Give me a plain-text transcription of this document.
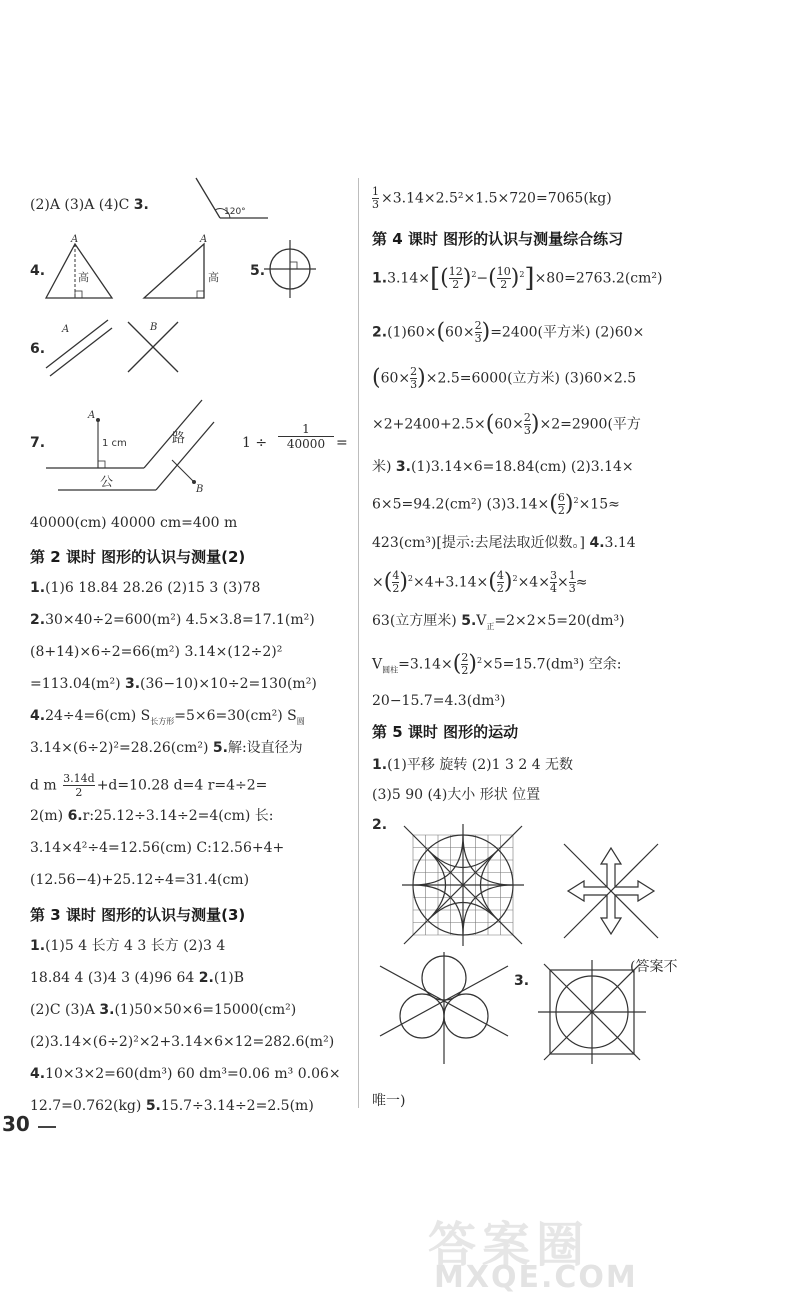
(2)A (3)A (4)C 3.	120°
4.
A
高
A
高 5.
6.
A	B
7.
A
1 cm	路
公	B
1 ÷
1
40000 =
40000(cm) 40000 cm=400 m
第 2 课时 图形的认识与测量(2)
1.(1)6 18.84 28.26 (2)15 3 (3)78
2.30×40÷2=600(m²) 4.5×3.8=17.1(m²)
(8+14)×6÷2=66(m²) 3.14×(12÷2)²
=113.04(m²) 3.(36−10)×10÷2=130(m²)
4.24÷4=6(cm) $S_{长方形}=5\times 6=30(cm^2)$ $S_圆$
3.14×(6÷2)²=28.26(cm²) 5.解:设直径为
d m $\frac{3.14d}{2} +d=10.28$ d=4 r=4÷2=
2(m) 6.r:25.12÷3.14÷2=4(cm) 长:
3.14×4²÷4=12.56(cm) C:12.56+4+
(12.56−4)+25.12÷4=31.4(cm)
第 3 课时 图形的认识与测量(3)
1.(1)5 4 长方 4 3 长方 (2)3 4
18.84 4 (3)4 3 (4)96 64 2.(1)B
(2)C (3)A 3.(1)50×50×6=15000(cm²)
(2)3.14×(6÷2)²×2+3.14×6×12=282.6(m²)
4.10×3×2=60(dm³) 60 dm³=0.06 m³ 0.06×
12.7=0.762(kg) 5.15.7÷3.14÷2=2.5(m)
$\frac{1}{3} \times 3.14\times 2.5^2\times 1.5\times 720=7065(kg)$
第 4 课时 图形的认识与测量综合练习
$1.3.14\times[( \frac{12}{2} )^2-( \frac{10}{2} )^2]\times 80=2763.2(cm^2)$
$2.(1)60\times(60\times \frac{2}{3} )=2400$(平方米) (2)60×
$(60\times \frac{2}{3} )\times 2.5=6000$(立方米) (3)60×2.5
$\times 2+2400+2.5\times(60\times \frac{2}{3} )\times 2=2900$(平方
米) 3.(1)3.14×6=18.84(cm) (2)3.14×
6×5=94.2(cm²) $(3)3.14\times( \frac{6}{2} )^2\times 15\approx$
423(cm³)[提示:去尾法取近似数。] 4.3.14
×( $\frac{4}{2} )^2\times 4+3.14\times( \frac{4}{2} )^2\times 4\times \frac{3}{4} \times \frac{1}{3}$ ≈
63(立方厘米) $5.V_正=2\times 2\times 5=20(dm^3)$
$V_{圆柱}=3.14\times( \frac{2}{2} )^2\times 5=15.7(dm^3)$ 空余:
20−15.7=4.3(dm³)
第 5 课时 图形的运动
1.(1)平移 旋转 (2)1 3 2 4 无数
(3)5 90 (4)大小 形状 位置
2.
3.
(答案不
唯一)
30
答案圈
MXQE.COM
